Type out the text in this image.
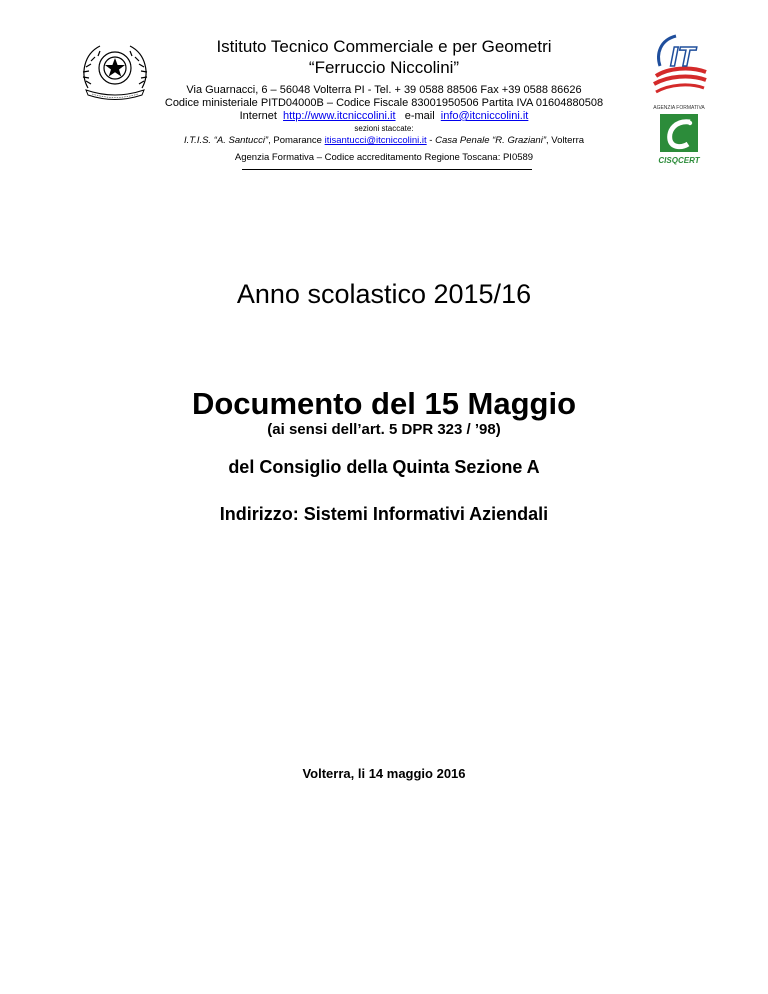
IT
AGENZIA FORMATIVA
CISQCERT
Istituto Tecnico Commerciale e per Geometri
“Ferruccio Niccolini”
Via Guarnacci, 6 – 56048 Volterra PI - Tel. + 39 0588 88506 Fax +39 0588 86626
Codice ministeriale PITD04000B – Codice Fiscale 83001950506 Partita IVA 01604880508
Internet http://www.itcniccolini.it e-mail info@itcniccolini.it
sezioni staccate:
I.T.I.S. “A. Santucci”, Pomarance itisantucci@itcniccolini.it - Casa Penale “R. Graziani”, Volterra
Agenzia Formativa – Codice accreditamento Regione Toscana: PI0589
Anno scolastico 2015/16
Documento del 15 Maggio
(ai sensi dell’art. 5 DPR 323 / ’98)
del Consiglio della Quinta Sezione A
Indirizzo: Sistemi Informativi Aziendali
Volterra, li 14 maggio 2016
